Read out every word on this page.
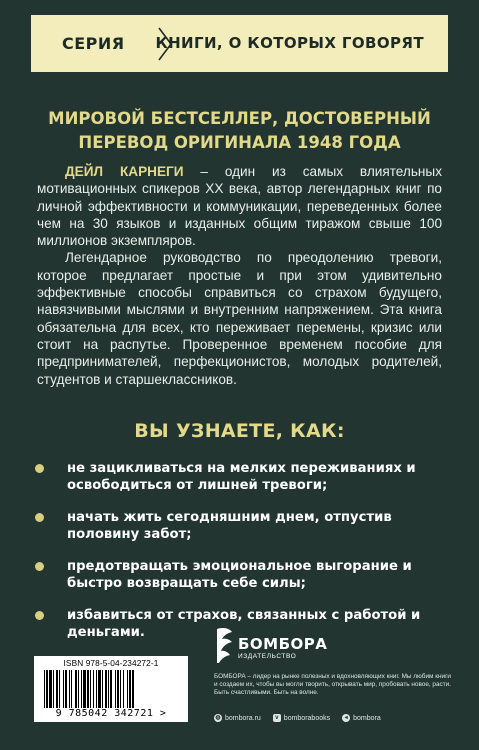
СЕРИЯ КНИГИ, О КОТОРЫХ ГОВОРЯТ
МИРОВОЙ БЕСТСЕЛЛЕР, ДОСТОВЕРНЫЙ
ПЕРЕВОД ОРИГИНАЛА 1948 ГОДА

ДЕЙЛ КАРНЕГИ – один из самых влиятельных мотивационных спикеров XX века, автор легендарных книг по личной эффективности и коммуникации, переведенных более чем на 30 языков и изданных общим тиражом свыше 100 миллионов экземпляров.

Легендарное руководство по преодолению тревоги, которое предлагает простые и при этом удивительно эффективные способы справиться со страхом будущего, навязчивыми мыслями и внутренним напряжением. Эта книга обязательна для всех, кто переживает перемены, кризис или стоит на распутье. Проверенное временем пособие для предпринимателей, перфекционистов, молодых родителей, студентов и старшеклассников.

ВЫ УЗНАЕТЕ, КАК:
не зацикливаться на мелких переживаниях и освободиться от лишней тревоги;
начать жить сегодняшним днем, отпустив половину забот;
предотвращать эмоциональное выгорание и быстро возвращать себе силы;
избавиться от страхов, связанных с работой и деньгами.
ISBN 978-5-04-234272-1
9 785042 342721 >
БОМБОРА
ИЗДАТЕЛЬСТВО
БОМБОРА – лидер на рынке полезных и вдохновляющих книг. Мы любим книги и создаем их, чтобы вы могли творить, открывать мир, пробовать новое, расти. Быть счастливыми. Быть на волне.
◍ bombora.ru	v bomborabooks	◂ bombora
